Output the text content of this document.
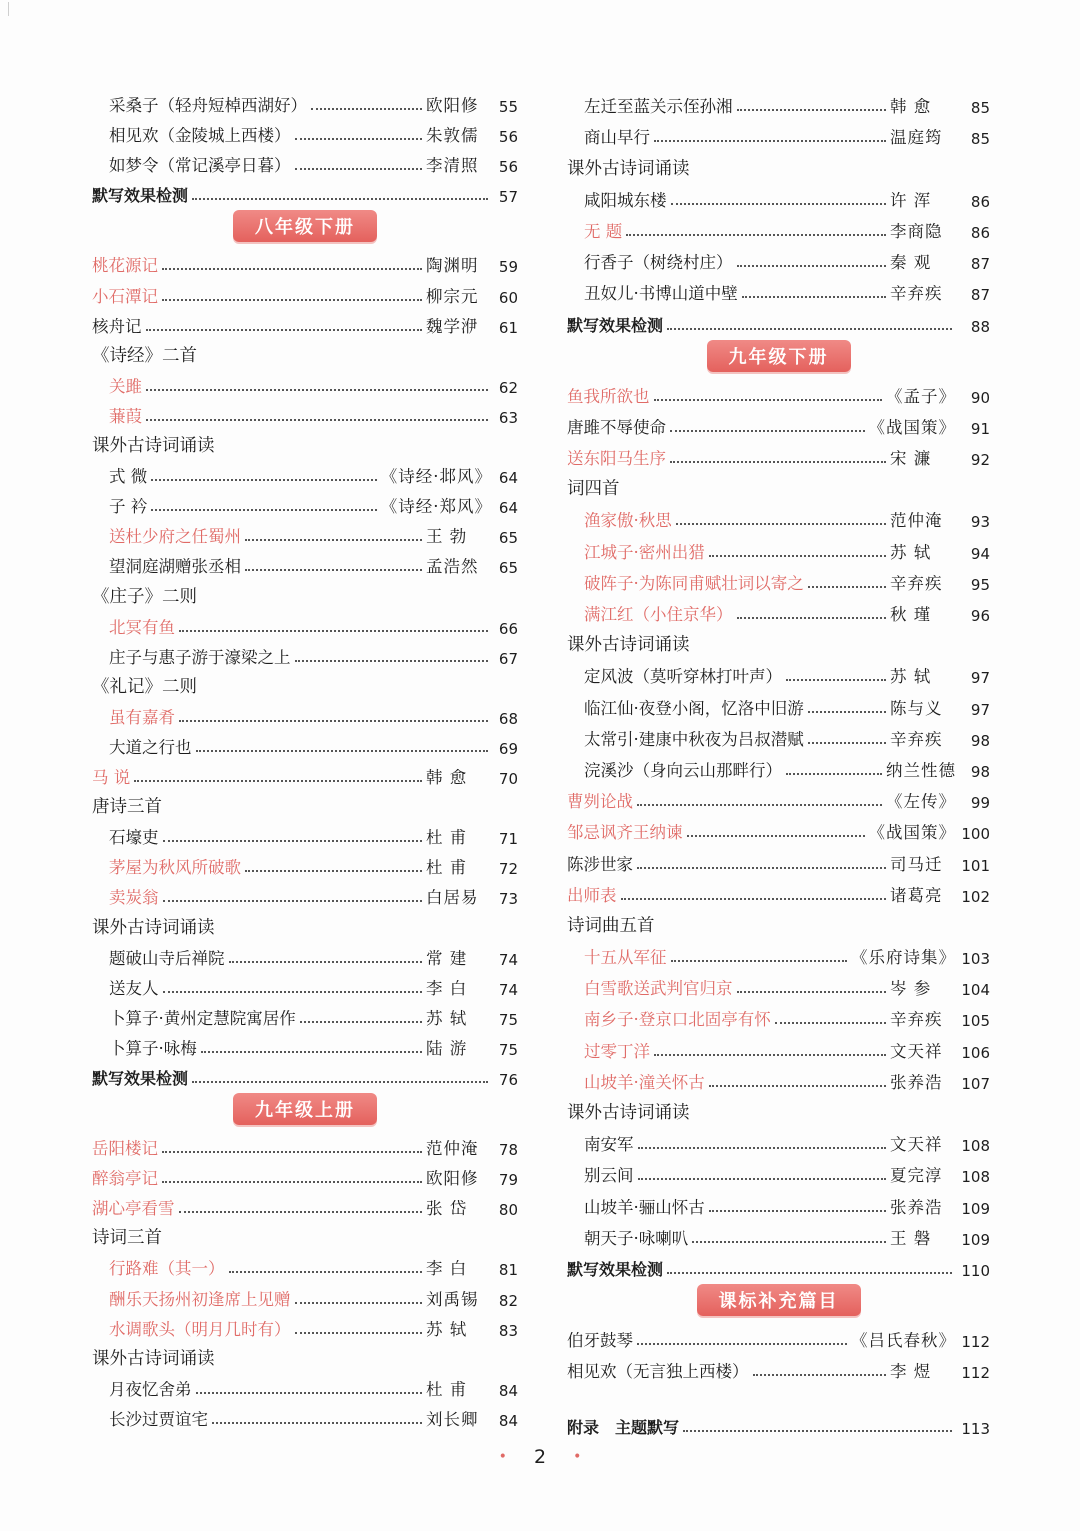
采桑子（轻舟短棹西湖好）	欧阳修	55
相见欢（金陵城上西楼）	朱敦儒	56
如梦令（常记溪亭日暮）	李清照	56
默写效果检测	57
八年级下册
桃花源记	陶渊明	59
小石潭记	柳宗元	60
核舟记	魏学洢	61
《诗经》二首
关雎	62
蒹葭	63
课外古诗词诵读
式 微	《诗经·邶风》 64
子 衿	《诗经·郑风》 64
送杜少府之任蜀州	王 勃	65
望洞庭湖赠张丞相	孟浩然	65
《庄子》二则
北冥有鱼	66
庄子与惠子游于濠梁之上	67
《礼记》二则
虽有嘉肴	68
大道之行也	69
马 说	韩 愈	70
唐诗三首
石壕吏	杜 甫	71
茅屋为秋风所破歌	杜 甫	72
卖炭翁	白居易	73
课外古诗词诵读
题破山寺后禅院	常 建	74
送友人	李 白	74
卜算子·黄州定慧院寓居作	苏 轼	75
卜算子·咏梅	陆 游	75
默写效果检测	76
九年级上册
岳阳楼记	范仲淹	78
醉翁亭记	欧阳修	79
湖心亭看雪	张 岱	80
诗词三首
行路难（其一）	李 白	81
酬乐天扬州初逢席上见赠	刘禹锡	82
水调歌头（明月几时有）	苏 轼	83
课外古诗词诵读
月夜忆舍弟	杜 甫	84
长沙过贾谊宅	刘长卿	84
左迁至蓝关示侄孙湘	韩 愈	85
商山早行	温庭筠	85
课外古诗词诵读
咸阳城东楼	许 浑	86
无 题	李商隐	86
行香子（树绕村庄）	秦 观	87
丑奴儿·书博山道中壁	辛弃疾	87
默写效果检测	88
九年级下册
鱼我所欲也	《孟子》 90
唐雎不辱使命	《战国策》 91
送东阳马生序	宋 濂	92
词四首
渔家傲·秋思	范仲淹	93
江城子·密州出猎	苏 轼	94
破阵子·为陈同甫赋壮词以寄之	辛弃疾	95
满江红（小住京华）	秋 瑾	96
课外古诗词诵读
定风波（莫听穿林打叶声）	苏 轼	97
临江仙·夜登小阁，忆洛中旧游	陈与义	97
太常引·建康中秋夜为吕叔潜赋	辛弃疾	98
浣溪沙（身向云山那畔行）	纳兰性德 98
曹刿论战	《左传》 99
邹忌讽齐王纳谏	《战国策》 100
陈涉世家	司马迁	101
出师表	诸葛亮	102
诗词曲五首
十五从军征	《乐府诗集》 103
白雪歌送武判官归京	岑 参	104
南乡子·登京口北固亭有怀	辛弃疾	105
过零丁洋	文天祥	106
山坡羊·潼关怀古	张养浩	107
课外古诗词诵读
南安军	文天祥	108
别云间	夏完淳	108
山坡羊·骊山怀古	张养浩	109
朝天子·咏喇叭	王 磐	109
默写效果检测	110
课标补充篇目
伯牙鼓琴	《吕氏春秋》 112
相见欢（无言独上西楼）	李 煜	112
附录　主题默写	113
• 2 •
